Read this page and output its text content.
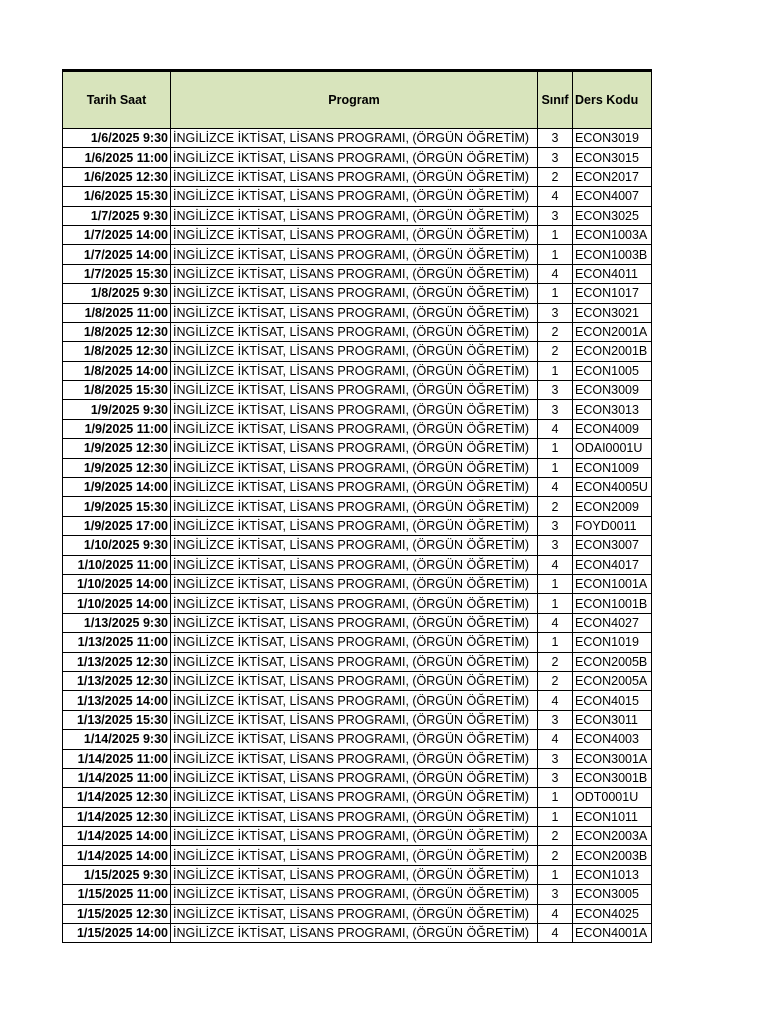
Tarih Saat	Program	Sınıf	Ders Kodu
1/6/2025 9:30	İNGİLİZCE İKTİSAT, LİSANS PROGRAMI, (ÖRGÜN ÖĞRETİM)	3	ECON3019
1/6/2025 11:00	İNGİLİZCE İKTİSAT, LİSANS PROGRAMI, (ÖRGÜN ÖĞRETİM)	3	ECON3015
1/6/2025 12:30	İNGİLİZCE İKTİSAT, LİSANS PROGRAMI, (ÖRGÜN ÖĞRETİM)	2	ECON2017
1/6/2025 15:30	İNGİLİZCE İKTİSAT, LİSANS PROGRAMI, (ÖRGÜN ÖĞRETİM)	4	ECON4007
1/7/2025 9:30	İNGİLİZCE İKTİSAT, LİSANS PROGRAMI, (ÖRGÜN ÖĞRETİM)	3	ECON3025
1/7/2025 14:00	İNGİLİZCE İKTİSAT, LİSANS PROGRAMI, (ÖRGÜN ÖĞRETİM)	1	ECON1003A
1/7/2025 14:00	İNGİLİZCE İKTİSAT, LİSANS PROGRAMI, (ÖRGÜN ÖĞRETİM)	1	ECON1003B
1/7/2025 15:30	İNGİLİZCE İKTİSAT, LİSANS PROGRAMI, (ÖRGÜN ÖĞRETİM)	4	ECON4011
1/8/2025 9:30	İNGİLİZCE İKTİSAT, LİSANS PROGRAMI, (ÖRGÜN ÖĞRETİM)	1	ECON1017
1/8/2025 11:00	İNGİLİZCE İKTİSAT, LİSANS PROGRAMI, (ÖRGÜN ÖĞRETİM)	3	ECON3021
1/8/2025 12:30	İNGİLİZCE İKTİSAT, LİSANS PROGRAMI, (ÖRGÜN ÖĞRETİM)	2	ECON2001A
1/8/2025 12:30	İNGİLİZCE İKTİSAT, LİSANS PROGRAMI, (ÖRGÜN ÖĞRETİM)	2	ECON2001B
1/8/2025 14:00	İNGİLİZCE İKTİSAT, LİSANS PROGRAMI, (ÖRGÜN ÖĞRETİM)	1	ECON1005
1/8/2025 15:30	İNGİLİZCE İKTİSAT, LİSANS PROGRAMI, (ÖRGÜN ÖĞRETİM)	3	ECON3009
1/9/2025 9:30	İNGİLİZCE İKTİSAT, LİSANS PROGRAMI, (ÖRGÜN ÖĞRETİM)	3	ECON3013
1/9/2025 11:00	İNGİLİZCE İKTİSAT, LİSANS PROGRAMI, (ÖRGÜN ÖĞRETİM)	4	ECON4009
1/9/2025 12:30	İNGİLİZCE İKTİSAT, LİSANS PROGRAMI, (ÖRGÜN ÖĞRETİM)	1	ODAI0001U
1/9/2025 12:30	İNGİLİZCE İKTİSAT, LİSANS PROGRAMI, (ÖRGÜN ÖĞRETİM)	1	ECON1009
1/9/2025 14:00	İNGİLİZCE İKTİSAT, LİSANS PROGRAMI, (ÖRGÜN ÖĞRETİM)	4	ECON4005U
1/9/2025 15:30	İNGİLİZCE İKTİSAT, LİSANS PROGRAMI, (ÖRGÜN ÖĞRETİM)	2	ECON2009
1/9/2025 17:00	İNGİLİZCE İKTİSAT, LİSANS PROGRAMI, (ÖRGÜN ÖĞRETİM)	3	FOYD0011
1/10/2025 9:30	İNGİLİZCE İKTİSAT, LİSANS PROGRAMI, (ÖRGÜN ÖĞRETİM)	3	ECON3007
1/10/2025 11:00	İNGİLİZCE İKTİSAT, LİSANS PROGRAMI, (ÖRGÜN ÖĞRETİM)	4	ECON4017
1/10/2025 14:00	İNGİLİZCE İKTİSAT, LİSANS PROGRAMI, (ÖRGÜN ÖĞRETİM)	1	ECON1001A
1/10/2025 14:00	İNGİLİZCE İKTİSAT, LİSANS PROGRAMI, (ÖRGÜN ÖĞRETİM)	1	ECON1001B
1/13/2025 9:30	İNGİLİZCE İKTİSAT, LİSANS PROGRAMI, (ÖRGÜN ÖĞRETİM)	4	ECON4027
1/13/2025 11:00	İNGİLİZCE İKTİSAT, LİSANS PROGRAMI, (ÖRGÜN ÖĞRETİM)	1	ECON1019
1/13/2025 12:30	İNGİLİZCE İKTİSAT, LİSANS PROGRAMI, (ÖRGÜN ÖĞRETİM)	2	ECON2005B
1/13/2025 12:30	İNGİLİZCE İKTİSAT, LİSANS PROGRAMI, (ÖRGÜN ÖĞRETİM)	2	ECON2005A
1/13/2025 14:00	İNGİLİZCE İKTİSAT, LİSANS PROGRAMI, (ÖRGÜN ÖĞRETİM)	4	ECON4015
1/13/2025 15:30	İNGİLİZCE İKTİSAT, LİSANS PROGRAMI, (ÖRGÜN ÖĞRETİM)	3	ECON3011
1/14/2025 9:30	İNGİLİZCE İKTİSAT, LİSANS PROGRAMI, (ÖRGÜN ÖĞRETİM)	4	ECON4003
1/14/2025 11:00	İNGİLİZCE İKTİSAT, LİSANS PROGRAMI, (ÖRGÜN ÖĞRETİM)	3	ECON3001A
1/14/2025 11:00	İNGİLİZCE İKTİSAT, LİSANS PROGRAMI, (ÖRGÜN ÖĞRETİM)	3	ECON3001B
1/14/2025 12:30	İNGİLİZCE İKTİSAT, LİSANS PROGRAMI, (ÖRGÜN ÖĞRETİM)	1	ODT0001U
1/14/2025 12:30	İNGİLİZCE İKTİSAT, LİSANS PROGRAMI, (ÖRGÜN ÖĞRETİM)	1	ECON1011
1/14/2025 14:00	İNGİLİZCE İKTİSAT, LİSANS PROGRAMI, (ÖRGÜN ÖĞRETİM)	2	ECON2003A
1/14/2025 14:00	İNGİLİZCE İKTİSAT, LİSANS PROGRAMI, (ÖRGÜN ÖĞRETİM)	2	ECON2003B
1/15/2025 9:30	İNGİLİZCE İKTİSAT, LİSANS PROGRAMI, (ÖRGÜN ÖĞRETİM)	1	ECON1013
1/15/2025 11:00	İNGİLİZCE İKTİSAT, LİSANS PROGRAMI, (ÖRGÜN ÖĞRETİM)	3	ECON3005
1/15/2025 12:30	İNGİLİZCE İKTİSAT, LİSANS PROGRAMI, (ÖRGÜN ÖĞRETİM)	4	ECON4025
1/15/2025 14:00	İNGİLİZCE İKTİSAT, LİSANS PROGRAMI, (ÖRGÜN ÖĞRETİM)	4	ECON4001A
